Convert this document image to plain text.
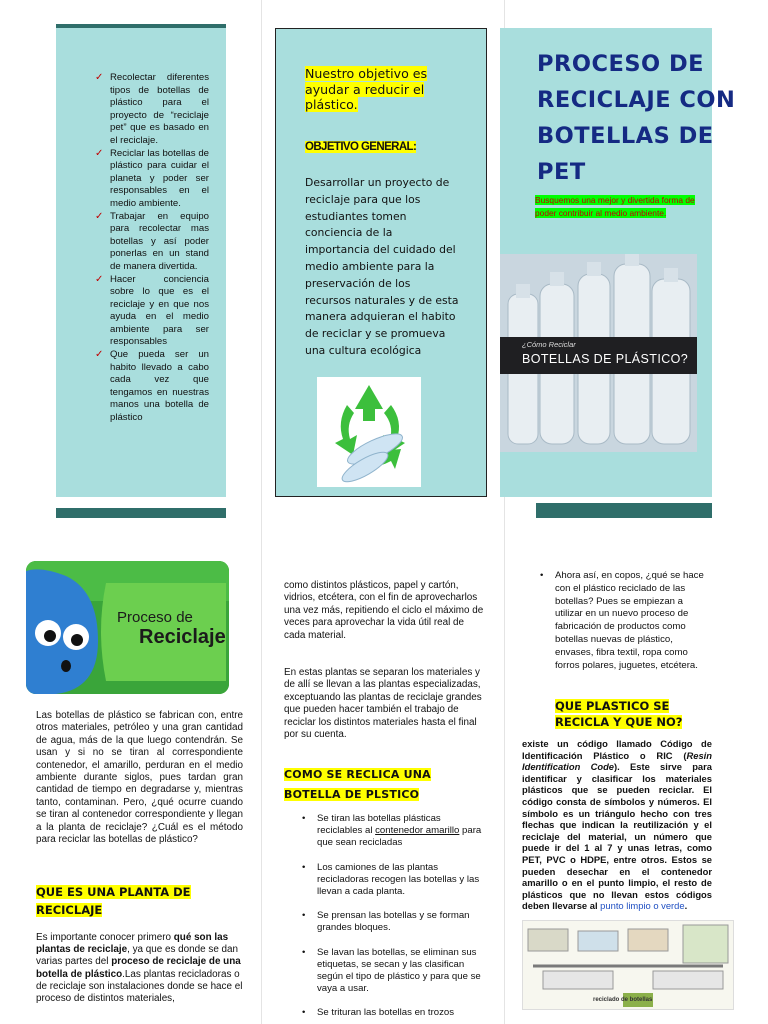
✓ Recolectar diferentes tipos de botellas de plástico para el proyecto de “reciclaje pet” que es basado en el reciclaje.
✓ Reciclar las botellas de plástico para cuidar el planeta y poder ser responsables en el medio ambiente.
✓ Trabajar en equipo para recolectar mas botellas y así poder ponerlas en un stand de manera divertida.
✓ Hacer conciencia sobre lo que es el reciclaje y en que nos ayuda en el medio ambiente para ser responsables
✓ Que pueda ser un habito llevado a cabo cada vez que tengamos en nuestras manos una botella de plástico
Nuestro objetivo es ayudar a reducir el plástico.
OBJETIVO GENERAL:
Desarrollar un proyecto de reciclaje para que los estudiantes tomen conciencia de la importancia del cuidado del medio ambiente para la preservación de los recursos naturales y de esta manera adquieran el habito de reciclar y se promueva una cultura ecológica
PROCESO DE RECICLAJE CON BOTELLAS DE PET
Busquemos una mejor y divertida forma de poder contribuir al medio ambiente.
¿Cómo Reciclar
BOTELLAS DE PLÁSTICO?
Proceso de
Reciclaje
Las botellas de plástico se fabrican con, entre otros materiales, petróleo y una gran cantidad de agua, más de la que luego contendrán. Se usan y si no se tiran al correspondiente contenedor, el amarillo, perduran en el medio ambiente durante siglos, pues tardan gran cantidad de tiempo en degradarse y, mientras tanto, contaminan. Pero, ¿qué ocurre cuando se tiran al contenedor correspondiente y llegan a la planta de reciclaje? ¿Cuál es el método para reciclar las botellas de plástico?
QUE ES UNA PLANTA DE RECICLAJE
Es importante conocer primero qué son las plantas de reciclaje, ya que es donde se dan varias partes del proceso de reciclaje de una botella de plástico.Las plantas recicladoras o de reciclaje son instalaciones donde se hace el proceso de distintos materiales,
como distintos plásticos, papel y cartón, vidrios, etcétera, con el fin de aprovecharlos una vez más, repitiendo el ciclo el máximo de veces para aprovechar la vida útil real de cada material.
En estas plantas se separan los materiales y de allí se llevan a las plantas especializadas, exceptuando las plantas de reciclaje grandes que pueden hacer también el trabajo de reciclar los distintos materiales hasta el final por su cuenta.
COMO SE RECLICA UNA BOTELLA DE PLSTICO
• Se tiran las botellas plásticas reciclables al contenedor amarillo para que sean recicladas
• Los camiones de las plantas recicladoras recogen las botellas y las llevan a cada planta.
• Se prensan las botellas y se forman grandes bloques.
• Se lavan las botellas, se eliminan sus etiquetas, se secan y las clasifican según el tipo de plástico y para que se vaya a usar.
• Se trituran las botellas en trozos
• Ahora así, en copos, ¿qué se hace con el plástico reciclado de las botellas? Pues se empiezan a utilizar en un nuevo proceso de fabricación de productos como botellas nuevas de plástico, envases, fibra textil, ropa como forros polares, juguetes, etcétera.
QUE PLASTICO SE RECICLA Y QUE NO?
existe un código llamado Código de Identificación Plástico o RIC (Resin Identification Code). Este sirve para identificar y clasificar los materiales plásticos que se pueden reciclar. El código consta de símbolos y números. El símbolo es un triángulo hecho con tres flechas que indican la reutilización y el reciclaje del material, un número que puede ir del 1 al 7 y unas letras, como PET, PVC o HDPE, entre otros. Estos se pueden desechar en el contenedor amarillo o en el punto limpio, el resto de plásticos que no llevan estos códigos deben llevarse al punto limpio o verde.
reciclado de botellas
